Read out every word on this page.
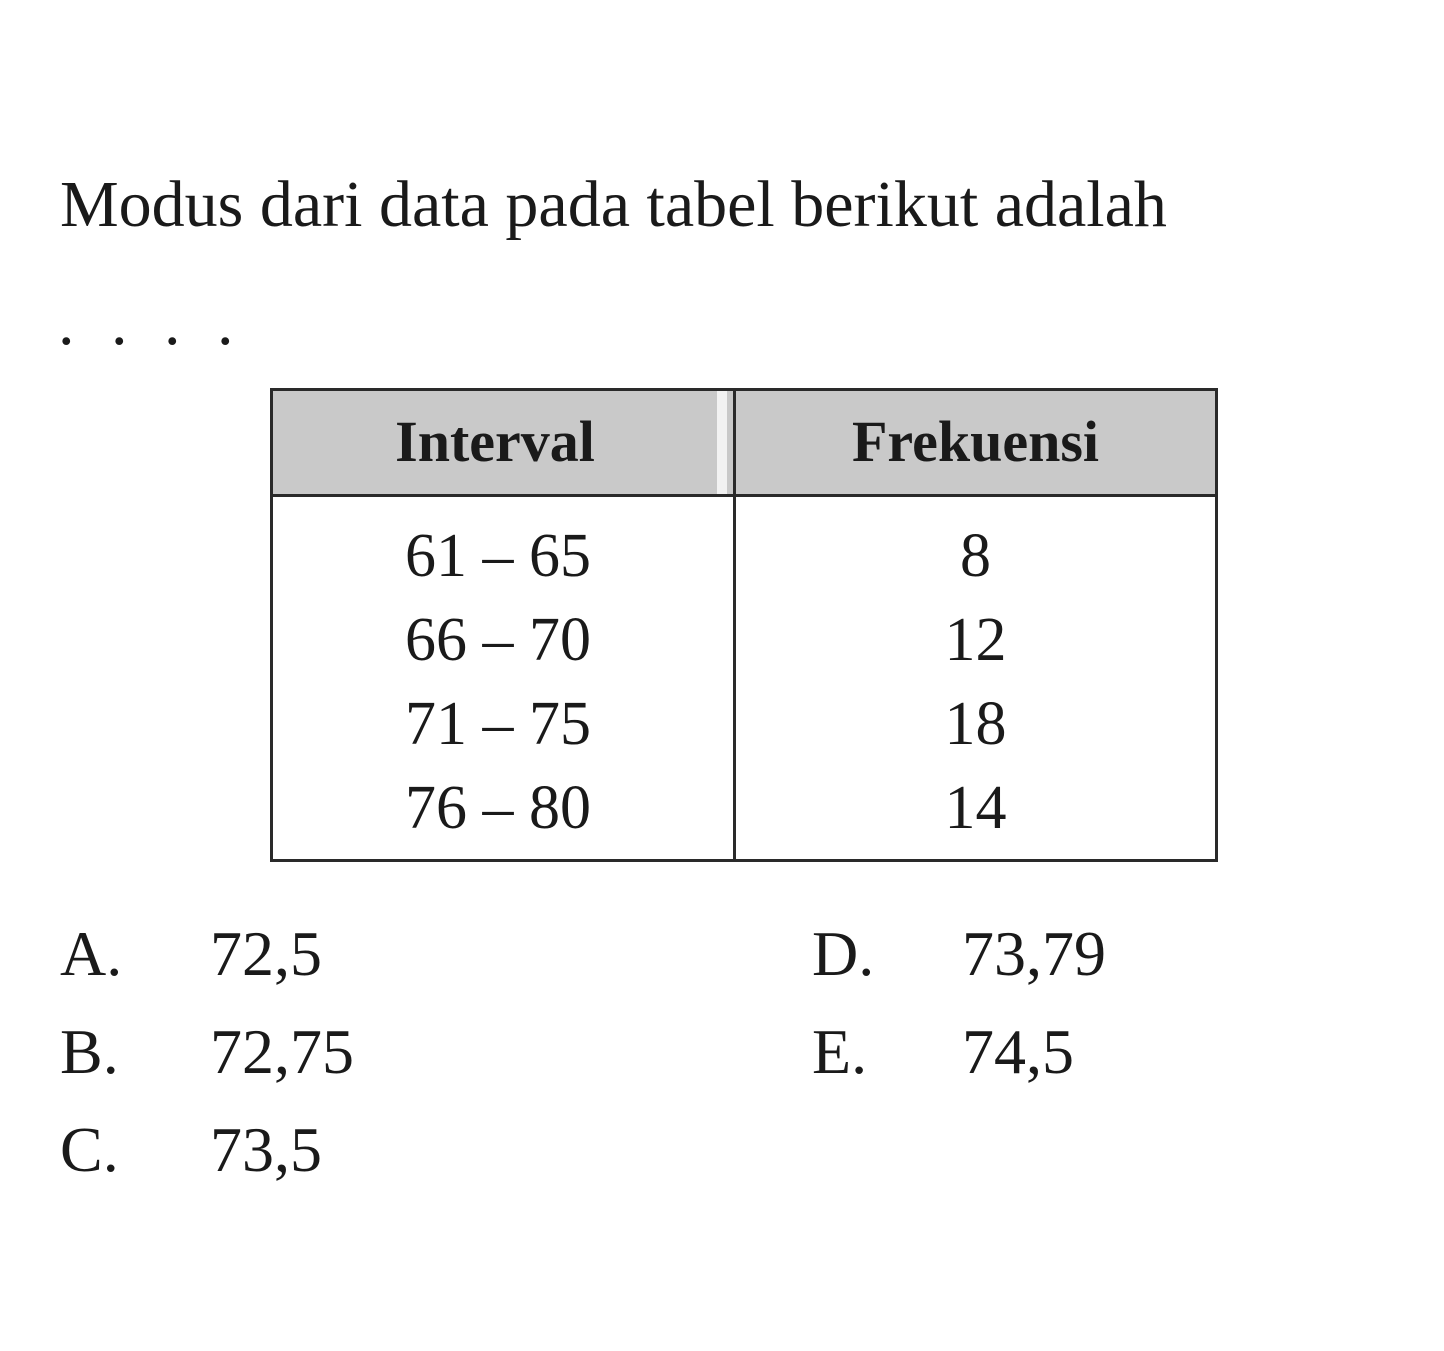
Modus dari data pada tabel berikut adalah
. . . .
Interval	Frekuensi
61 – 65	8
66 – 70	12
71 – 75	18
76 – 80	14
A. 72,5
B. 72,75
C. 73,5
D. 73,79
E. 74,5
